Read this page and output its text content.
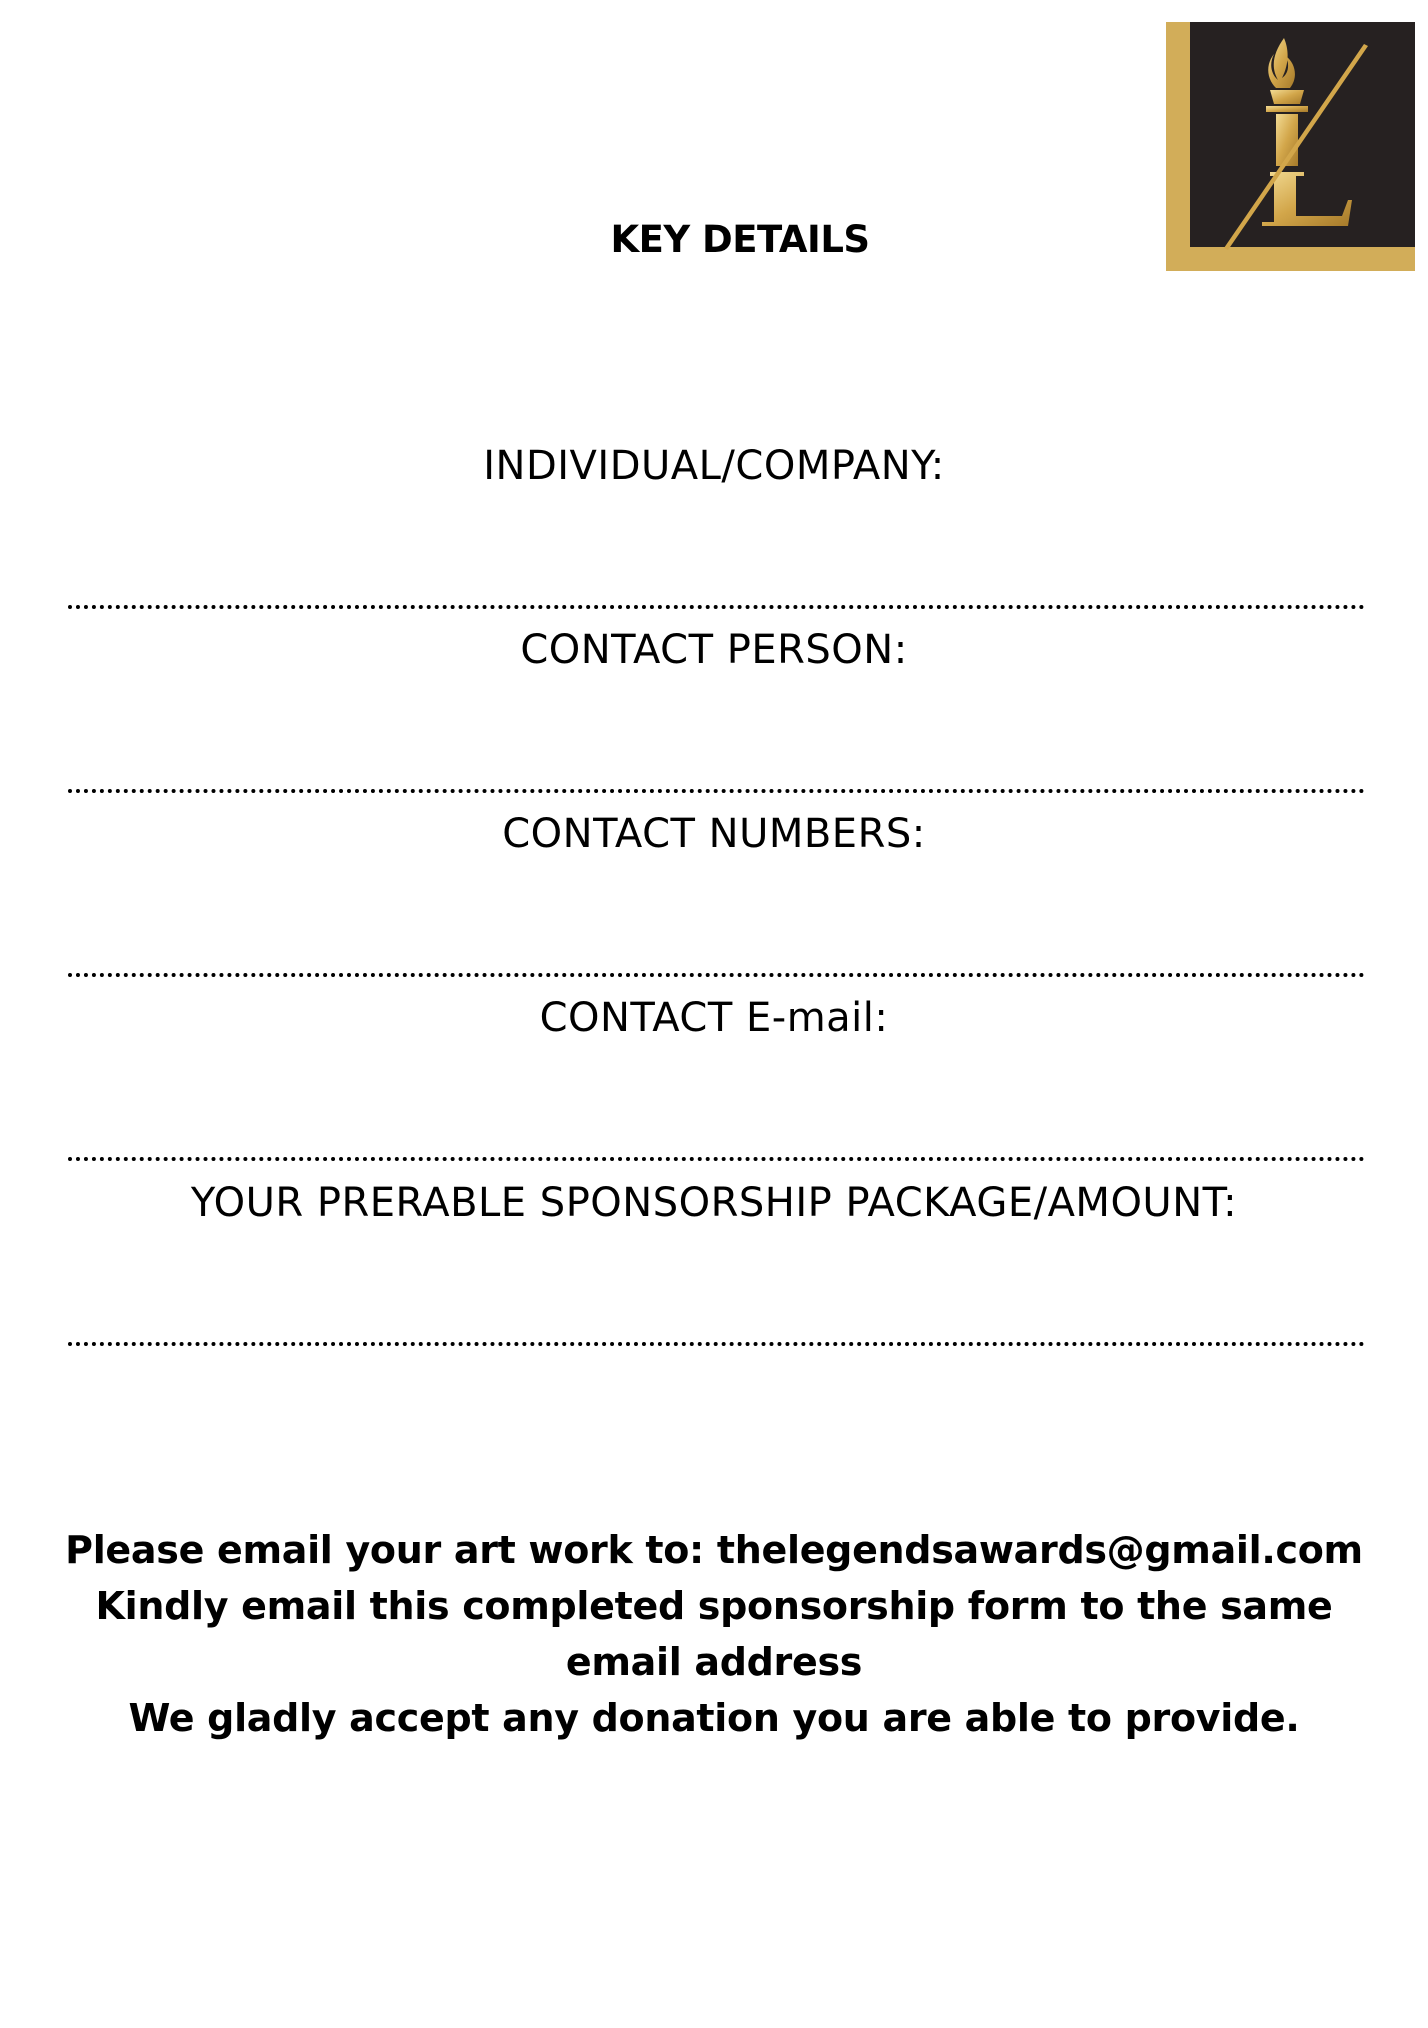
KEY DETAILS
INDIVIDUAL/COMPANY:
CONTACT PERSON:
CONTACT NUMBERS:
CONTACT E-mail:
YOUR PRERABLE SPONSORSHIP PACKAGE/AMOUNT:

Please email your art work to: thelegendsawards@gmail.com

Kindly email this completed sponsorship form to the same email address

We gladly accept any donation you are able to provide.
